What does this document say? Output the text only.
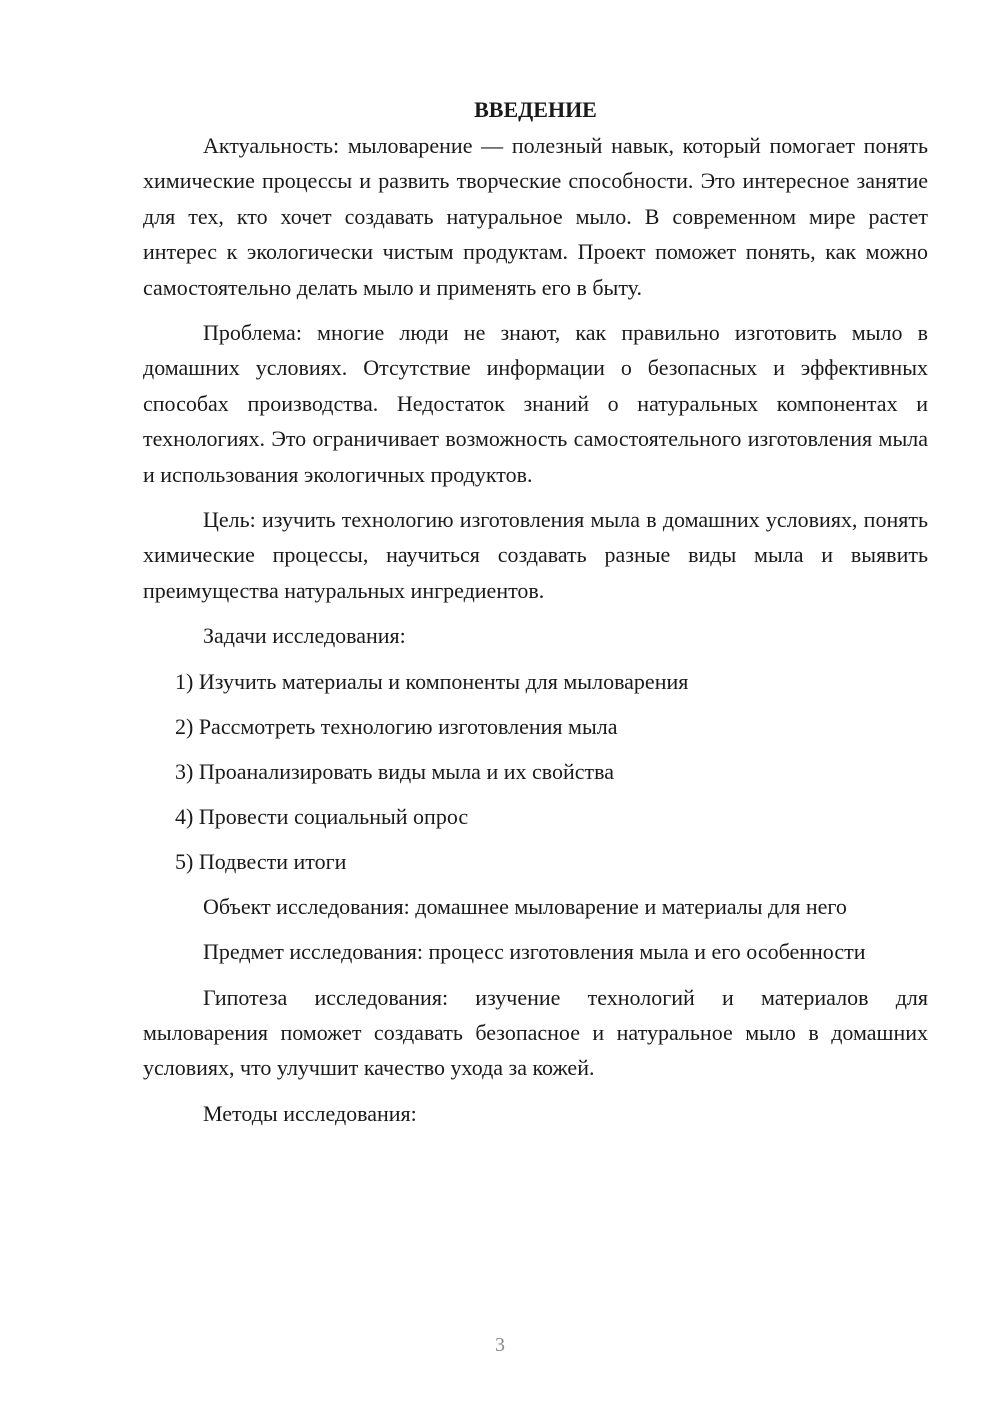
ВВЕДЕНИЕ

Актуальность: мыловарение — полезный навык, который помогает понять химические процессы и развить творческие способности. Это интересное занятие для тех, кто хочет создавать натуральное мыло. В современном мире растет интерес к экологически чистым продуктам. Проект поможет понять, как можно самостоятельно делать мыло и применять его в быту.

Проблема: многие люди не знают, как правильно изготовить мыло в домашних условиях. Отсутствие информации о безопасных и эффективных способах производства. Недостаток знаний о натуральных компонентах и технологиях. Это ограничивает возможность самостоятельного изготовления мыла и использования экологичных продуктов.

Цель: изучить технологию изготовления мыла в домашних условиях, понять химические процессы, научиться создавать разные виды мыла и выявить преимущества натуральных ингредиентов.

Задачи исследования:

1) Изучить материалы и компоненты для мыловарения

2) Рассмотреть технологию изготовления мыла

3) Проанализировать виды мыла и их свойства

4) Провести социальный опрос

5) Подвести итоги

Объект исследования: домашнее мыловарение и материалы для него

Предмет исследования: процесс изготовления мыла и его особенности

Гипотеза исследования: изучение технологий и материалов для мыловарения поможет создавать безопасное и натуральное мыло в домашних условиях, что улучшит качество ухода за кожей.

Методы исследования:

3
